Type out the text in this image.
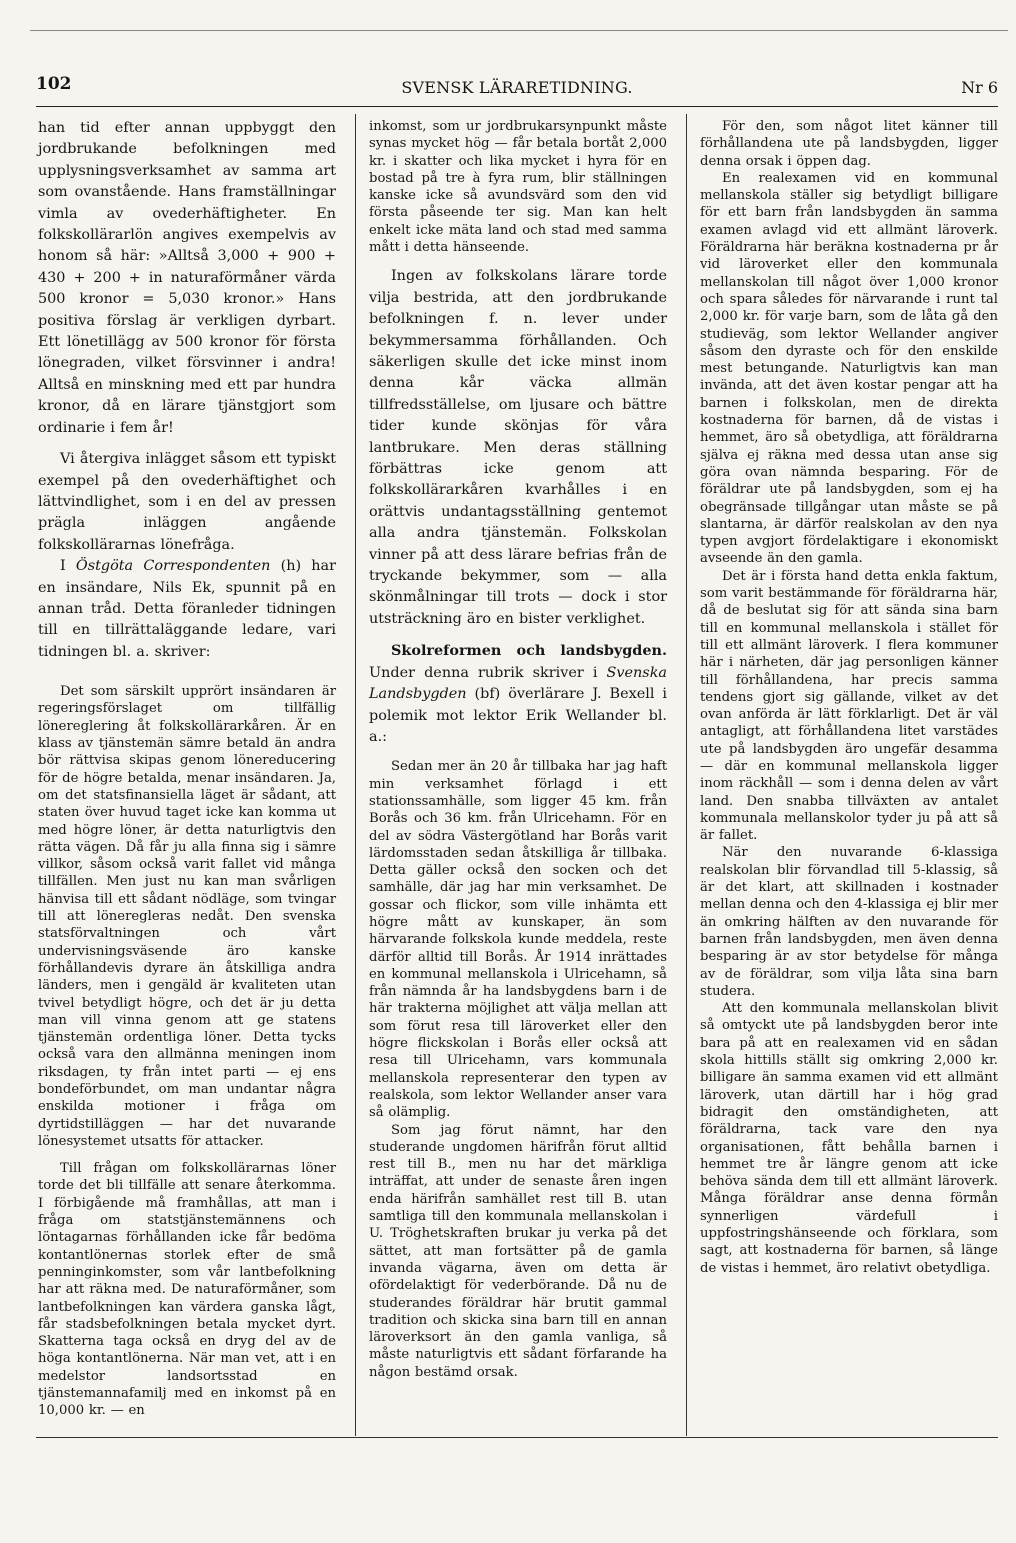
102	SVENSK LÄRARETIDNING.	Nr 6

han tid efter annan uppbyggt den jordbrukande befolkningen med upplysningsverksamhet av samma art som ovanstående. Hans framställningar vimla av ovederhäftigheter. En folkskollärarlön angives exempelvis av honom så här: »Alltså 3,000 + 900 + 430 + 200 + in naturaförmåner värda 500 kronor = 5,030 kronor.» Hans positiva förslag är verkligen dyrbart. Ett lönetillägg av 500 kronor för första lönegraden, vilket försvinner i andra! Alltså en minskning med ett par hundra kronor, då en lärare tjänstgjort som ordinarie i fem år!

Vi återgiva inlägget såsom ett typiskt exempel på den ovederhäftighet och lättvindlighet, som i en del av pressen prägla inläggen angående folkskollärarnas lönefråga.

I Östgöta Correspondenten (h) har en insändare, Nils Ek, spunnit på en annan tråd. Detta föranleder tidningen till en tillrättaläggande ledare, vari tidningen bl. a. skriver:

Det som särskilt upprört insändaren är regeringsförslaget om tillfällig lönereglering åt folkskollärarkåren. Är en klass av tjänstemän sämre betald än andra bör rättvisa skipas genom lönereducering för de högre betalda, menar insändaren. Ja, om det statsfinansiella läget är sådant, att staten över huvud taget icke kan komma ut med högre löner, är detta naturligtvis den rätta vägen. Då får ju alla finna sig i sämre villkor, såsom också varit fallet vid många tillfällen. Men just nu kan man svårligen hänvisa till ett sådant nödläge, som tvingar till att löneregleras nedåt. Den svenska statsförvaltningen och vårt undervisningsväsende äro kanske förhållandevis dyrare än åtskilliga andra länders, men i gengäld är kvaliteten utan tvivel betydligt högre, och det är ju detta man vill vinna genom att ge statens tjänstemän ordentliga löner. Detta tycks också vara den allmänna meningen inom riksdagen, ty från intet parti — ej ens bondeförbundet, om man undantar några enskilda motioner i fråga om dyrtidstilläggen — har det nuvarande lönesystemet utsatts för attacker.

Till frågan om folkskollärarnas löner torde det bli tillfälle att senare återkomma. I förbigående må framhållas, att man i fråga om statstjänstemännens och löntagarnas förhållanden icke får bedöma kontantlönernas storlek efter de små penninginkomster, som vår lantbefolkning har att räkna med. De naturaförmåner, som lantbefolkningen kan värdera ganska lågt, får stadsbefolkningen betala mycket dyrt. Skatterna taga också en dryg del av de höga kontantlönerna. När man vet, att i en medelstor landsortsstad en tjänstemannafamilj med en inkomst på en 10,000 kr. — en

inkomst, som ur jordbrukarsynpunkt måste synas mycket hög — får betala bortåt 2,000 kr. i skatter och lika mycket i hyra för en bostad på tre à fyra rum, blir ställningen kanske icke så avundsvärd som den vid första påseende ter sig. Man kan helt enkelt icke mäta land och stad med samma mått i detta hänseende.

Ingen av folkskolans lärare torde vilja bestrida, att den jordbrukande befolkningen f. n. lever under bekymmersamma förhållanden. Och säkerligen skulle det icke minst inom denna kår väcka allmän tillfredsställelse, om ljusare och bättre tider kunde skönjas för våra lantbrukare. Men deras ställning förbättras icke genom att folkskollärarkåren kvarhålles i en orättvis undantagsställning gentemot alla andra tjänstemän. Folkskolan vinner på att dess lärare befrias från de tryckande bekymmer, som — alla skönmålningar till trots — dock i stor utsträckning äro en bister verklighet.

Skolreformen och landsbygden. Under denna rubrik skriver i Svenska Landsbygden (bf) överlärare J. Bexell i polemik mot lektor Erik Wellander bl. a.:

Sedan mer än 20 år tillbaka har jag haft min verksamhet förlagd i ett stationssamhälle, som ligger 45 km. från Borås och 36 km. från Ulricehamn. För en del av södra Västergötland har Borås varit lärdomsstaden sedan åtskilliga år tillbaka. Detta gäller också den socken och det samhälle, där jag har min verksamhet. De gossar och flickor, som ville inhämta ett högre mått av kunskaper, än som härvarande folkskola kunde meddela, reste därför alltid till Borås. År 1914 inrättades en kommunal mellanskola i Ulricehamn, så från nämnda år ha landsbygdens barn i de här trakterna möjlighet att välja mellan att som förut resa till läroverket eller den högre flickskolan i Borås eller också att resa till Ulricehamn, vars kommunala mellanskola representerar den typen av realskola, som lektor Wellander anser vara så olämplig.

Som jag förut nämnt, har den studerande ungdomen härifrån förut alltid rest till B., men nu har det märkliga inträffat, att under de senaste åren ingen enda härifrån samhället rest till B. utan samtliga till den kommunala mellanskolan i U. Tröghetskraften brukar ju verka på det sättet, att man fortsätter på de gamla invanda vägarna, även om detta är ofördelaktigt för vederbörande. Då nu de studerandes föräldrar här brutit gammal tradition och skicka sina barn till en annan läroverksort än den gamla vanliga, så måste naturligtvis ett sådant förfarande ha någon bestämd orsak.

För den, som något litet känner till förhållandena ute på landsbygden, ligger denna orsak i öppen dag.

En realexamen vid en kommunal mellanskola ställer sig betydligt billigare för ett barn från landsbygden än samma examen avlagd vid ett allmänt läroverk. Föräldrarna här beräkna kostnaderna pr år vid läroverket eller den kommunala mellanskolan till något över 1,000 kronor och spara således för närvarande i runt tal 2,000 kr. för varje barn, som de låta gå den studieväg, som lektor Wellander angiver såsom den dyraste och för den enskilde mest betungande. Naturligtvis kan man invända, att det även kostar pengar att ha barnen i folkskolan, men de direkta kostnaderna för barnen, då de vistas i hemmet, äro så obetydliga, att föräldrarna själva ej räkna med dessa utan anse sig göra ovan nämnda besparing. För de föräldrar ute på landsbygden, som ej ha obegränsade tillgångar utan måste se på slantarna, är därför realskolan av den nya typen avgjort fördelaktigare i ekonomiskt avseende än den gamla.

Det är i första hand detta enkla faktum, som varit bestämmande för föräldrarna här, då de beslutat sig för att sända sina barn till en kommunal mellanskola i stället för till ett allmänt läroverk. I flera kommuner här i närheten, där jag personligen känner till förhållandena, har precis samma tendens gjort sig gällande, vilket av det ovan anförda är lätt förklarligt. Det är väl antagligt, att förhållandena litet varstädes ute på landsbygden äro ungefär desamma — där en kommunal mellanskola ligger inom räckhåll — som i denna delen av vårt land. Den snabba tillväxten av antalet kommunala mellanskolor tyder ju på att så är fallet.

När den nuvarande 6-klassiga realskolan blir förvandlad till 5-klassig, så är det klart, att skillnaden i kostnader mellan denna och den 4-klassiga ej blir mer än omkring hälften av den nuvarande för barnen från landsbygden, men även denna besparing är av stor betydelse för många av de föräldrar, som vilja låta sina barn studera.

Att den kommunala mellanskolan blivit så omtyckt ute på landsbygden beror inte bara på att en realexamen vid en sådan skola hittills ställt sig omkring 2,000 kr. billigare än samma examen vid ett allmänt läroverk, utan därtill har i hög grad bidragit den omständigheten, att föräldrarna, tack vare den nya organisationen, fått behålla barnen i hemmet tre år längre genom att icke behöva sända dem till ett allmänt läroverk. Många föräldrar anse denna förmån synnerligen värdefull i uppfostringshänseende och förklara, som sagt, att kostnaderna för barnen, så länge de vistas i hemmet, äro relativt obetydliga.
